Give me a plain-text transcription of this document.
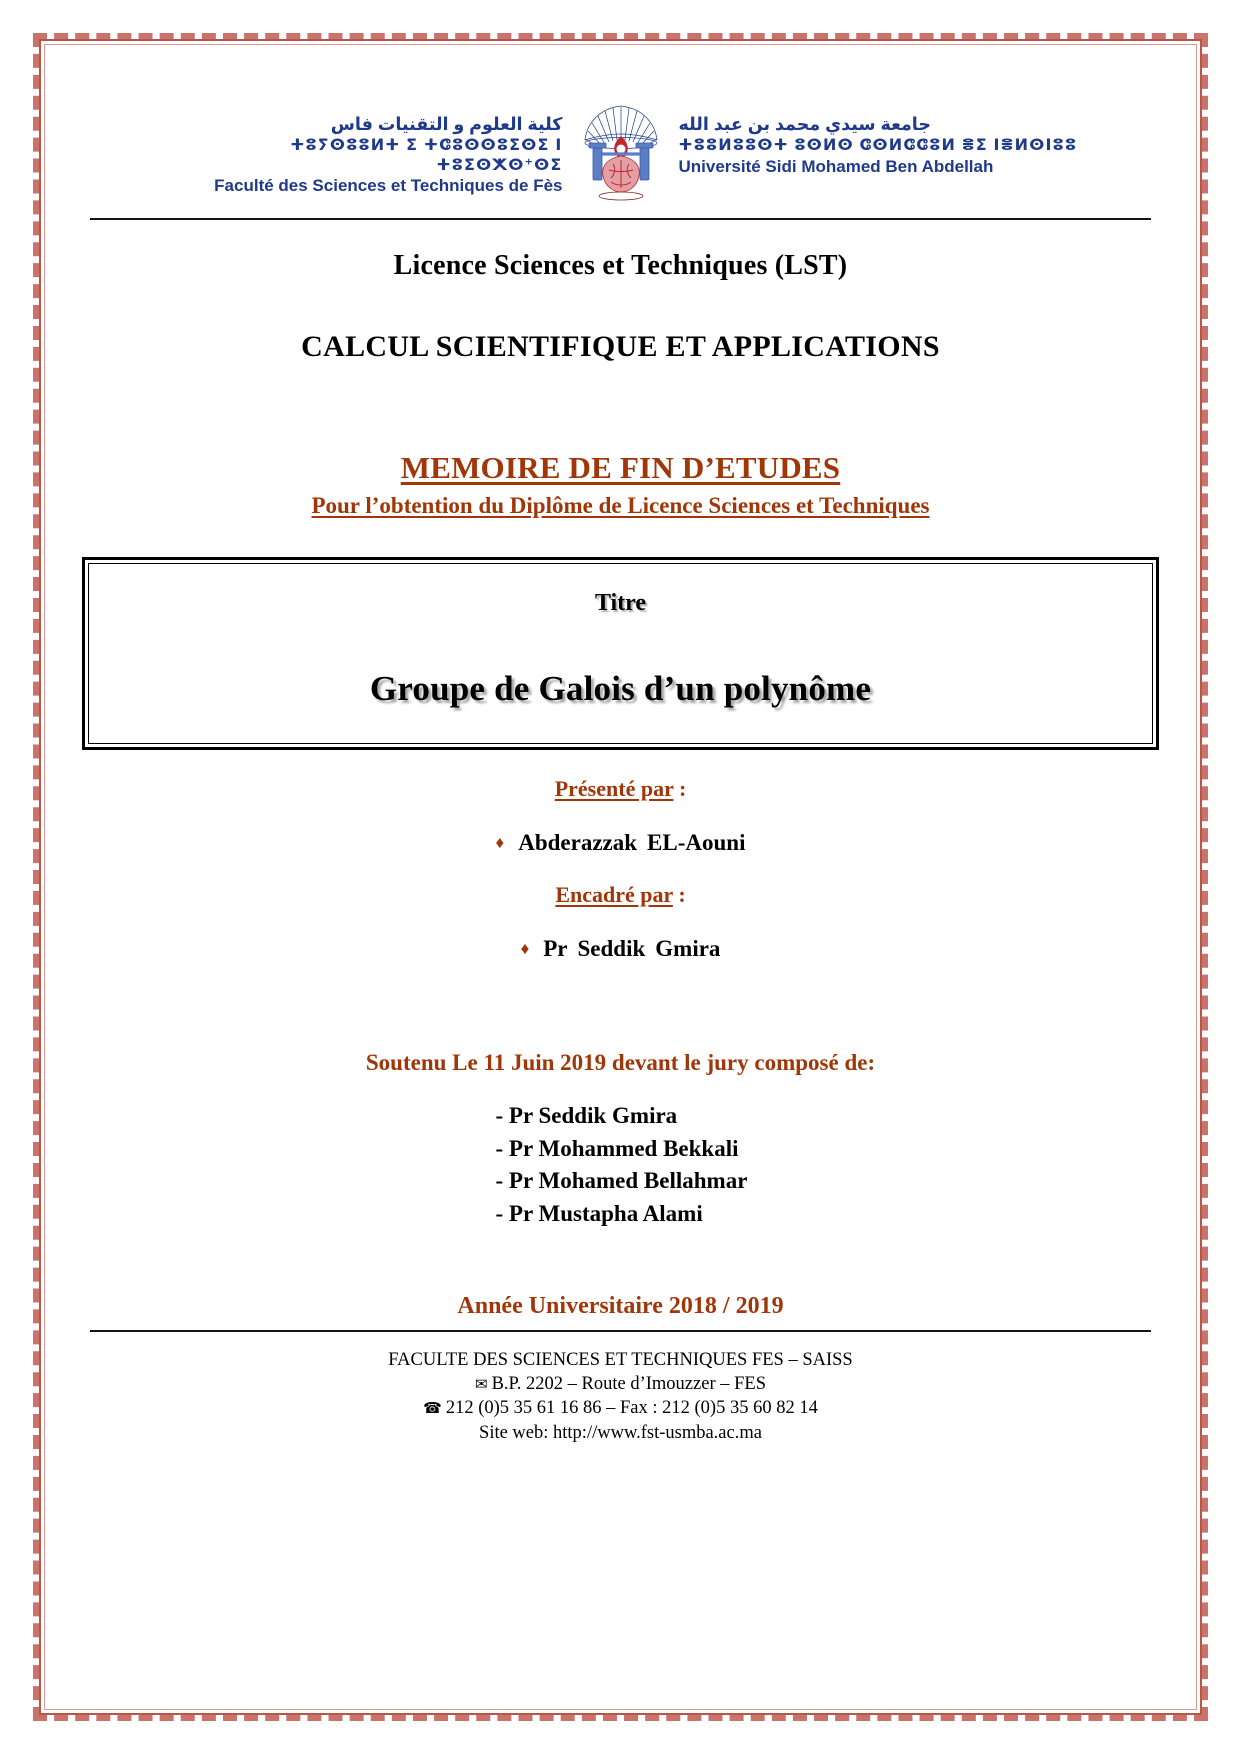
كلية العلوم و التقنيات فاس
ⵜⵓⵢⵙⵓⵓⵍⵜ ⵉ ⵜⵛⵓⵙⵙⵓⵉⵙⵉ ⵏ ⵜⵓⵉⵙⵅⵙ⁺ⵙⵉ
Faculté des Sciences et Techniques de Fès
جامعة سيدي محمد بن عبد الله
ⵜⵓⵓⵍⵓⵓⵙⵜ ⵓⵙⵍⵙ ⵛⵙⵍⵛⵛⵓⵍ ⴻⵉ ⵏⴻⵍⵙⵏⵓⵓ
Université Sidi Mohamed Ben Abdellah
Licence Sciences et Techniques (LST)
CALCUL SCIENTIFIQUE ET APPLICATIONS
MEMOIRE DE FIN D’ETUDES
Pour l’obtention du Diplôme de Licence Sciences et Techniques
Titre
Groupe de Galois d’un polynôme
Présenté par :
♦ Abderazzak EL-Aouni
Encadré par :
♦ Pr Seddik Gmira
Soutenu Le 11 Juin 2019 devant le jury composé de:
- Pr Seddik Gmira
- Pr Mohammed Bekkali
- Pr Mohamed Bellahmar
- Pr Mustapha Alami
Année Universitaire 2018 / 2019
FACULTE DES SCIENCES ET TECHNIQUES FES – SAISS
✉ B.P. 2202 – Route d’Imouzzer – FES
☎ 212 (0)5 35 61 16 86 – Fax : 212 (0)5 35 60 82 14
Site web: http://www.fst-usmba.ac.ma
